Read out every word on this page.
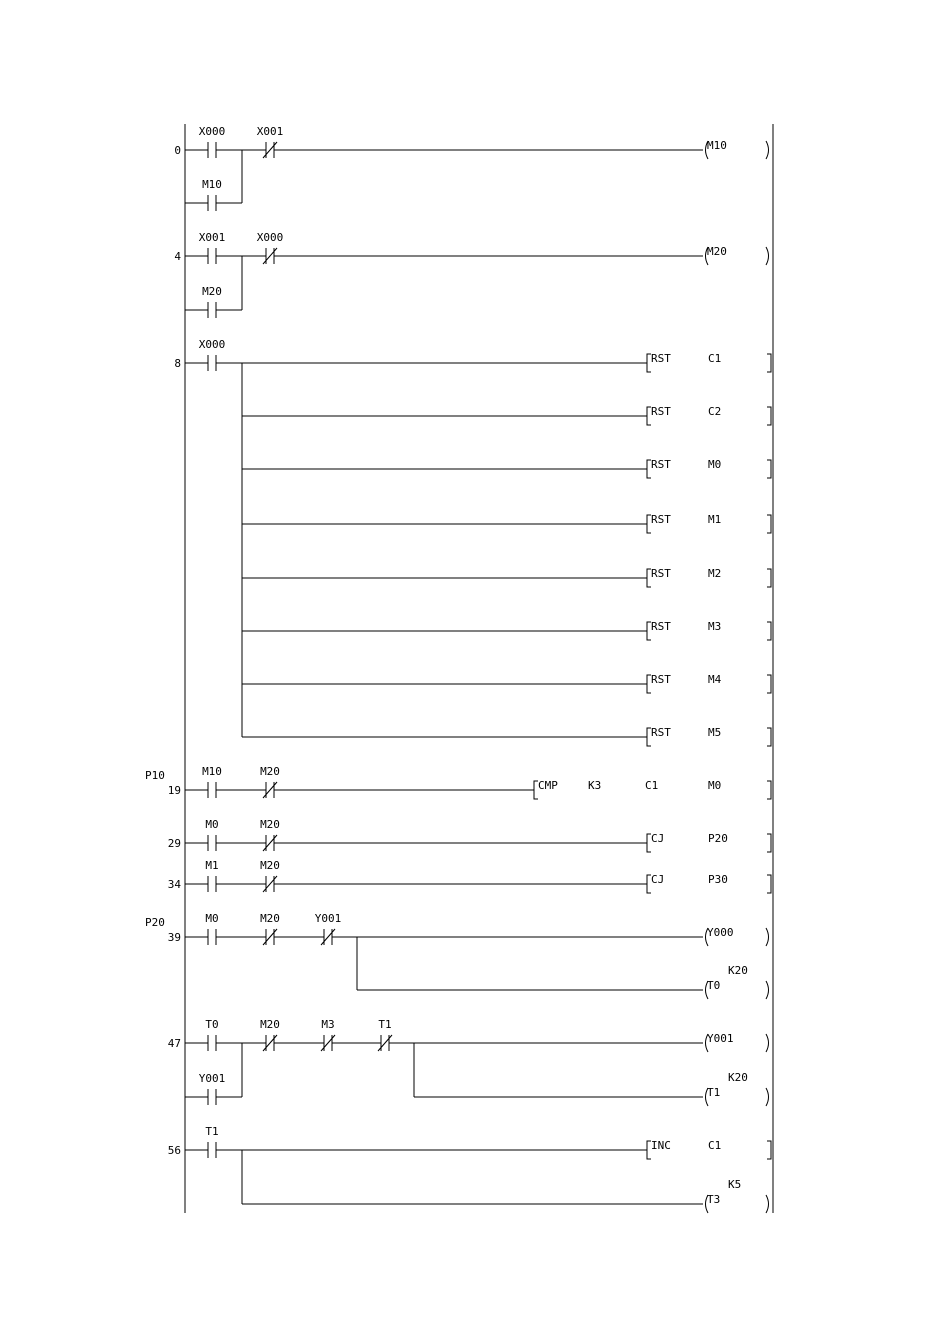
0
X000	X001
M10
M10
4
X001	X000
M20
M20
8
X000
RST	C1
RST	C2
RST	M0
RST	M1
RST	M2
RST	M3
RST	M4
RST	M5
19
P10	M10	M20
CMP	K3	C1	M0
29
M0	M20
CJ	P20
34
M1	M20
CJ	P30
39
P20	M0	M20	Y001
Y000
T0
K20
47
T0	M20	M3	T1
Y001
Y001
T1
K20
56
T1
INC	C1
T3
K5
